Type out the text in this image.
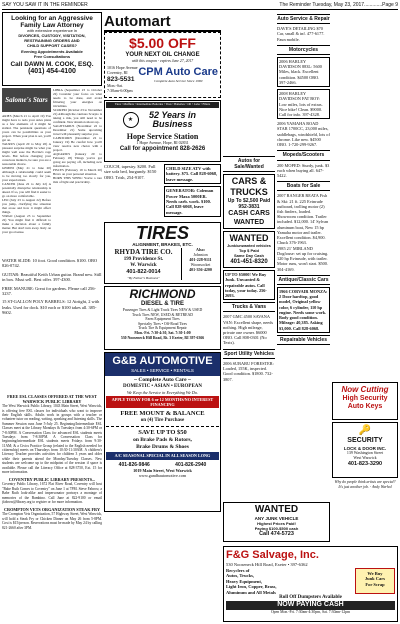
SAY YOU SAW IT IN THE REMINDER	The Reminder Tuesday, May 23, 2017.............Page 9
Looking for an Aggressive
Family Law Attorney
with extensive experience in
DIVORCES, CUSTODY, VISITATION,
RESTRAINING ORDERS AND
CHILD SUPPORT CASES?
Evening Appointments Available
Free Consultations
Call DAWN M. COOK, ESQ.
(401) 454-4100
Salome's Stars
ARIES (March 21 to April 19) You might have to redo your Aries plans as a few elements of it might be stalled. The persistent questions of yours can be possibilities as your project. When your plan is set, you'll get on.
TAURUS (April 20 to May 20) A pleasant surprise might be what you might well ease the Bovine's rage levels. But before changing your conscious instincts, be sure you are a reasonable choice.
GEMINI (May 21 to June 20) Although a relationship could seem to be moving too slowly for you, your expectations.
CANCER (June 22 to July 22) A potentially disruptive relationship is ahead. If so, you will find it easier to go on more comfortable.
LEO (July 23 to August 22) Before you jump, clarifying the situation that arose and how it might affect things.
VIRGO (August 23 to September 22) You might find it difficult to make a decision about a family matter. But don't turn away. Rely on your good sense.
LIBRA (September 23 to October 22) Consider your focus on what needs to be done, and avoid frittering your energies on trivialities.
SCORPIO (October 23 to November 21) Although the cautious Scorpio is taking a risk, you still need to be confident. New situation shows up.
SAGITTARIUS (November 22 to December 21) Some upcoming travel will pleasantly surprise you.
CAPRICORN (December 22 to January 19) Be careful how you'll view resolve new choice with a project.
AQUARIUS (January 20 to February 18) Things you've got going are paying off, including new information.
PISCES (February 19 to March 20) Bravo on your personal situation.
BORN THIS WEEK: You're a rare mix of light and practicality.
WATER SLIDE: 10 foot. Good condition. $100. OBO 826-0742.
GUITAR: Beautiful Keith Urban guitar. Brand new. Still in box. Must sell. Best offer. 397-4300.
FREE MANURE: Great for gardens. Please call 256-3237.
15 ST-GALLON POLY BARRELS: 12 Airtight, 2 with leaks. Used for dock. $10 each or $100 takes all. 385-9602.
Automart
$5.00 OFF
YOUR NEXT OIL CHANGE
with this coupon - expires June 27, 2017
1016 Hope Avenue
Coventry, RI
823-5531
Mon.-Sat.
7:30am-6:00pm
CPM Auto Care
Complete Auto Service Since 1989
Tires • Mufflers • Intermediate Batteries • Tires • Batteries • Oil • Lube • Filters
★	52 Years in Business
Hope Service Station
1 Hope Avenue, Hope, RI 02831
Call for appointment 828-2626
COUCH, tapestry. $200. Full size sofa bed, burgundy. $150 OBO. Trish, 254-9107.
CHILD SIZE ATV with battery. $75. Call 828-6068, leave message.
GENERATOR: Coleman Power Maxa 5000ER. Needs carb. work. $100. Call 828-6068, leave message.
TIRES
ALIGNMENT, BRAKES, ETC.
RHYDA TIRE CO.
199 Providence St.
W. Warwick
401-822-0014
"By Father's Business"
Also:
Johnston
401-228-9111
Woonsocket
401-356-4200
RICHMOND
DIESEL & TIRE
Passenger Tires & Light Truck Tires NEW & USED
Truck Tires NEW, USED & RETREAD
Farm Equipment Tires
Specialty Tires • Off-Road Tires
Truck Tire & Equipment Repair
Mon.-Fri. 7:30-4:30, Sat. 7:30-1:00
530 Nooseneck Hill Road, Rt. 3 Exeter, RI 397-6366
G&B AUTOMOTIVE
SALES • SERVICE • RENTALS
~ Complete Auto Care ~
DOMESTIC • ASIAN • EUROPEAN
We Keep the Service in Everything We Do.
APPLY TODAY FOR 6 or 12 MONTHS/NO INTEREST FINANCING
FREE MOUNT & BALANCE
on (4) Tire Purchase
SAVE UP TO $50
on Brake Pads & Rotors,
Brake Drums & Shoes
A/C SEASONAL SPECIAL IN ALL SEASON LONG
401-826-9846	401-826-2940
1019 Main Street, West Warwick
www.gandbautomotive.com
FREE ESL CLASSES OFFERED AT THE WEST WARWICK PUBLIC LIBRARY
The West Warwick Public Library, 1043 Main Street, West Warwick, is offering free ESL classes for individuals who want to improve their English skills. Adults work in groups with a teacher or volunteer tutor on reading, writing, speaking and listening skills. The Summer Session runs June 5-July 25. Beginning/Intermediate ESL Classes meet at the Library Mondays & Tuesdays from 4:30-6PM or 7-8:30PM. A Conversation Class for advanced ESL students meets Tuesdays from 7-8:30PM. A Conversation Class for beginning/intermediate ESL students meets Fridays from 9:30-11AM; & a Civics Practice Group (related to the English needed for citizenship) meets on Thursdays from 10:30-11:30AM. A children's Literacy Teacher provides activities for children 3 years and older while their parents attend the Monday/Tuesday Classes. New students are welcome up to the midpoint of the session if space is available. Please call the Literacy Office at 828-3750, Ext. 15 for more information.
COVENTRY PUBLIC LIBRARY PRESENTS...
Coventry Public Library, 1672 Flat River Road, Coventry will host "Babe Ruth Comes to Coventry" on June 1 at 7PM. Steve Fabrow, a Babe Ruth look-alike and impersonator portrays a montage of memories of the Bambino. Call June at 822-9100 or email jfabrow@library.org to register or for more information.
CROMPTON VETS ORGANIZATION STEAK FRY
The Crompton Vets Organization, 57 Highway Street, West Warwick, will hold a Steak Fry or Chicken Dinner on May 26 from 5-8PM. Cost is $15/person. Reservations must be made by May 24 by calling 821-2660 after 3PM.
Autos for Sale/Wanted
CARS & TRUCKS
Up To $2,500 Paid
952-3831
CASH CARS WANTED
WANTED
Junk/unwanted vehicles
Top $ Paid
Same Day Cash
401-451-8320
UP TO $5000! We Buy Junk. Unwanted & repairable autos. Call today, your today. 256-2693.
Trucks & Vans
2007 GMC 4500 SAVANA VAN: Excellent shape, needs nothing. High mileage, private one owner. $6000 OBO. Call 808-0301 (No Texts).
Sport Utility Vehicles
2006 SUBARU FORESTER: Loaded, 155K, inspected. Good condition. $1800. 732-3807.
Auto Service & Repair
DAVE'S DETAILING $70 Car, small & inf. 477-6177. Faun mobile.
Motorcycles
2006 HARLEY DAVIDSON 883L: 5600 Miles, black. Excellent condition. $4500 OBO. 397-2466.
2008 HARLEY DAVIDSON FAT BOY: Low miles, lots of extras. Nice bike! Clean. $9000. Call for info. 397-4328.
2006 YAMAHA ROAD STAR 1700CC, 23,000 miles, saddlebags, windshield, lots of chrome. Like new. $4500 OBO. 1-720-299-9267.
Mopeds/Scooters
200 MOPED: Sturdy, junk. $3 each when buying all. 647-5422.
Boats for Sale
2007 RANGER REATA Fish & Ski: 21 ft. 225 Evinrude outboard, trolling motor (2) fish finders, loaded. Showroom condition. Trailer included. $12,000. 14' Sylvan aluminum boat, New 15 hp Yamaha motor and trailer. Excellent condition. $4,900. Chuck 376-1963.
1985 21' MIRLAND Dogfouse: set up for cruising. 120 hp Evinrude, with trailer. Motor runs, won't start. $500. 304-4169.
Antique/Classic Cars
1966 CORVAIR MONZA: 2 Door hardtop, good model, Original yellow color, 6 cylinder, 110 hp engine. Needs some work. Body good condition. Mileage: 40,385. Asking $3,000. Call 828-6068.
Repairable Vehicles
Now Cutting
High Security
Auto Keys
🔑
SECURITY
LOCK & DOOR INC.
139 Washington Street
West Warwick
401-823-3290
Why do people think artists are special? It's just another job. - Andy Warhol
WANTED
ANY JUNK VEHICLE
Highest Prices Paid!
Paying $100-$500 cash
Call 474-5723
F&G Salvage, Inc.
530 Nooseneck Hill Road, Exeter • 397-6362
Recyclers of
Autos, Trucks,
Heavy Equipment,
Light Iron, Copper, Brass,
Aluminum and All Metals
We Buy
Junk Cars
For Scrap
Roll Off Dumpsters Available
NOW PAYING CASH
Open Mon.-Fri. 7:30am-4:30pm, Sat. 7:30am-12pm
